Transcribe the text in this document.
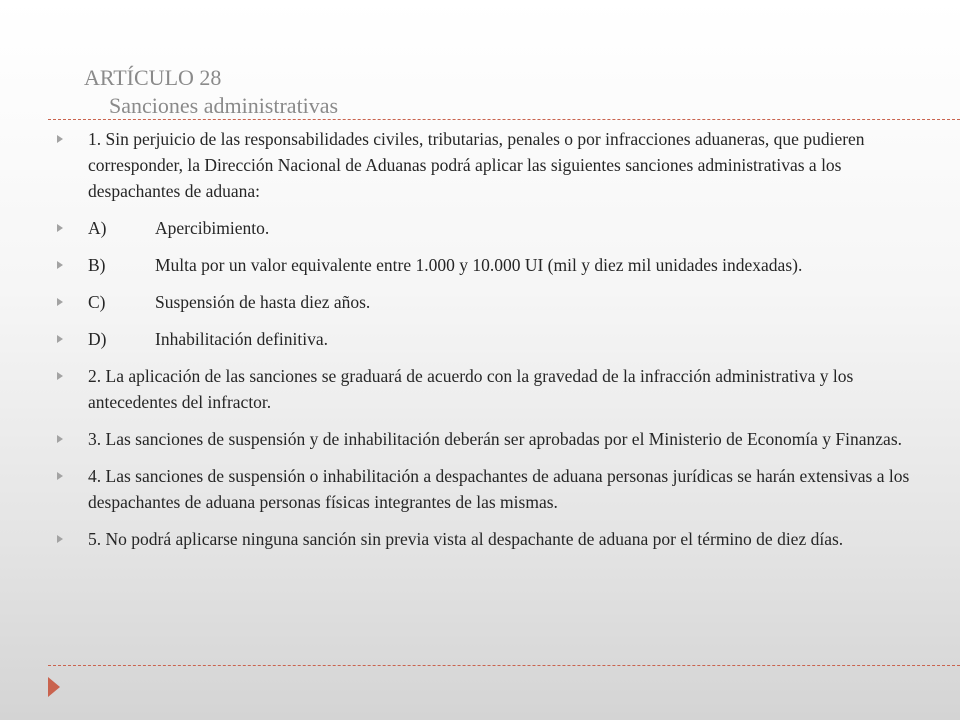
ARTÍCULO 28
Sanciones administrativas
1. Sin perjuicio de las responsabilidades civiles, tributarias, penales o por infracciones aduaneras, que pudieren corresponder, la Dirección Nacional de Aduanas podrá aplicar las siguientes sanciones administrativas a los despachantes de aduana:
A)	Apercibimiento.
B)	Multa por un valor equivalente entre 1.000 y 10.000 UI (mil y diez mil unidades indexadas).
C)	Suspensión de hasta diez años.
D)	Inhabilitación definitiva.
2. La aplicación de las sanciones se graduará de acuerdo con la gravedad de la infracción administrativa y los antecedentes del infractor.
3. Las sanciones de suspensión y de inhabilitación deberán ser aprobadas por el Ministerio de Economía y Finanzas.
4. Las sanciones de suspensión o inhabilitación a despachantes de aduana personas jurídicas se harán extensivas a los despachantes de aduana personas físicas integrantes de las mismas.
5. No podrá aplicarse ninguna sanción sin previa vista al despachante de aduana por el término de diez días.
